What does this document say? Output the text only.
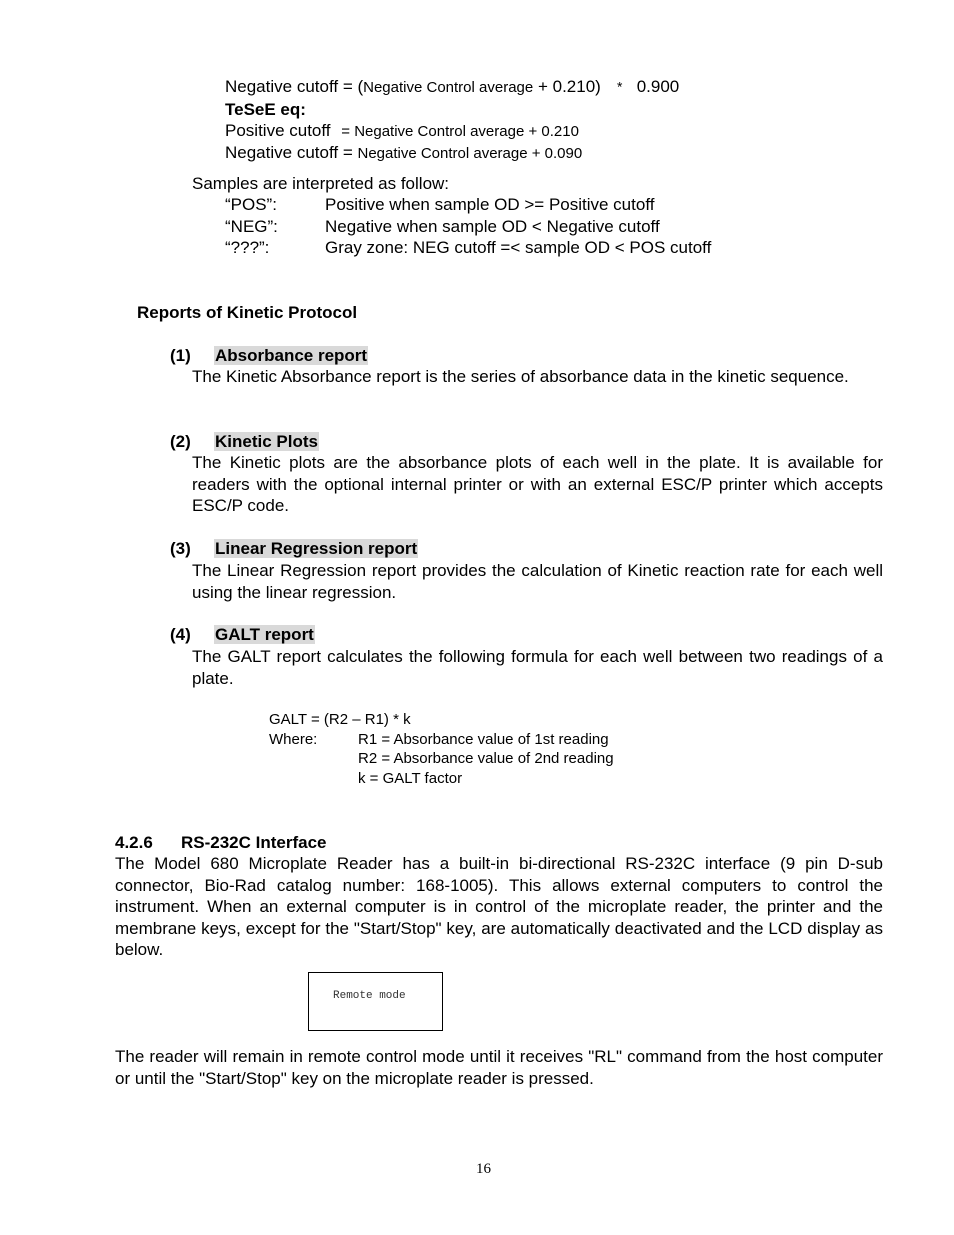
Negative cutoff = (Negative Control average + 0.210) * 0.900
TeSeE eq:
Positive cutoff = Negative Control average + 0.210
Negative cutoff = Negative Control average + 0.090
Samples are interpreted as follow:
“POS”:	Positive when sample OD >= Positive cutoff
“NEG”:	Negative when sample OD < Negative cutoff
“???”:	Gray zone: NEG cutoff =< sample OD < POS cutoff
Reports of Kinetic Protocol
(1) Absorbance report
The Kinetic Absorbance report is the series of absorbance data in the kinetic sequence.
(2) Kinetic Plots
The Kinetic plots are the absorbance plots of each well in the plate. It is available for readers with the optional internal printer or with an external ESC/P printer which accepts ESC/P code.
(3) Linear Regression report
The Linear Regression report provides the calculation of Kinetic reaction rate for each well using the linear regression.
(4) GALT report
The GALT report calculates the following formula for each well between two readings of a plate.
GALT = (R2 – R1) * k
Where:	R1 = Absorbance value of 1st reading
R2 = Absorbance value of 2nd reading
k = GALT factor
4.2.6 RS-232C Interface
The Model 680 Microplate Reader has a built-in bi-directional RS-232C interface (9 pin D-sub connector, Bio-Rad catalog number: 168-1005). This allows external computers to control the instrument. When an external computer is in control of the microplate reader, the printer and the membrane keys, except for the "Start/Stop" key, are automatically deactivated and the LCD display as below.
Remote mode
The reader will remain in remote control mode until it receives "RL" command from the host computer or until the "Start/Stop" key on the microplate reader is pressed.
16
